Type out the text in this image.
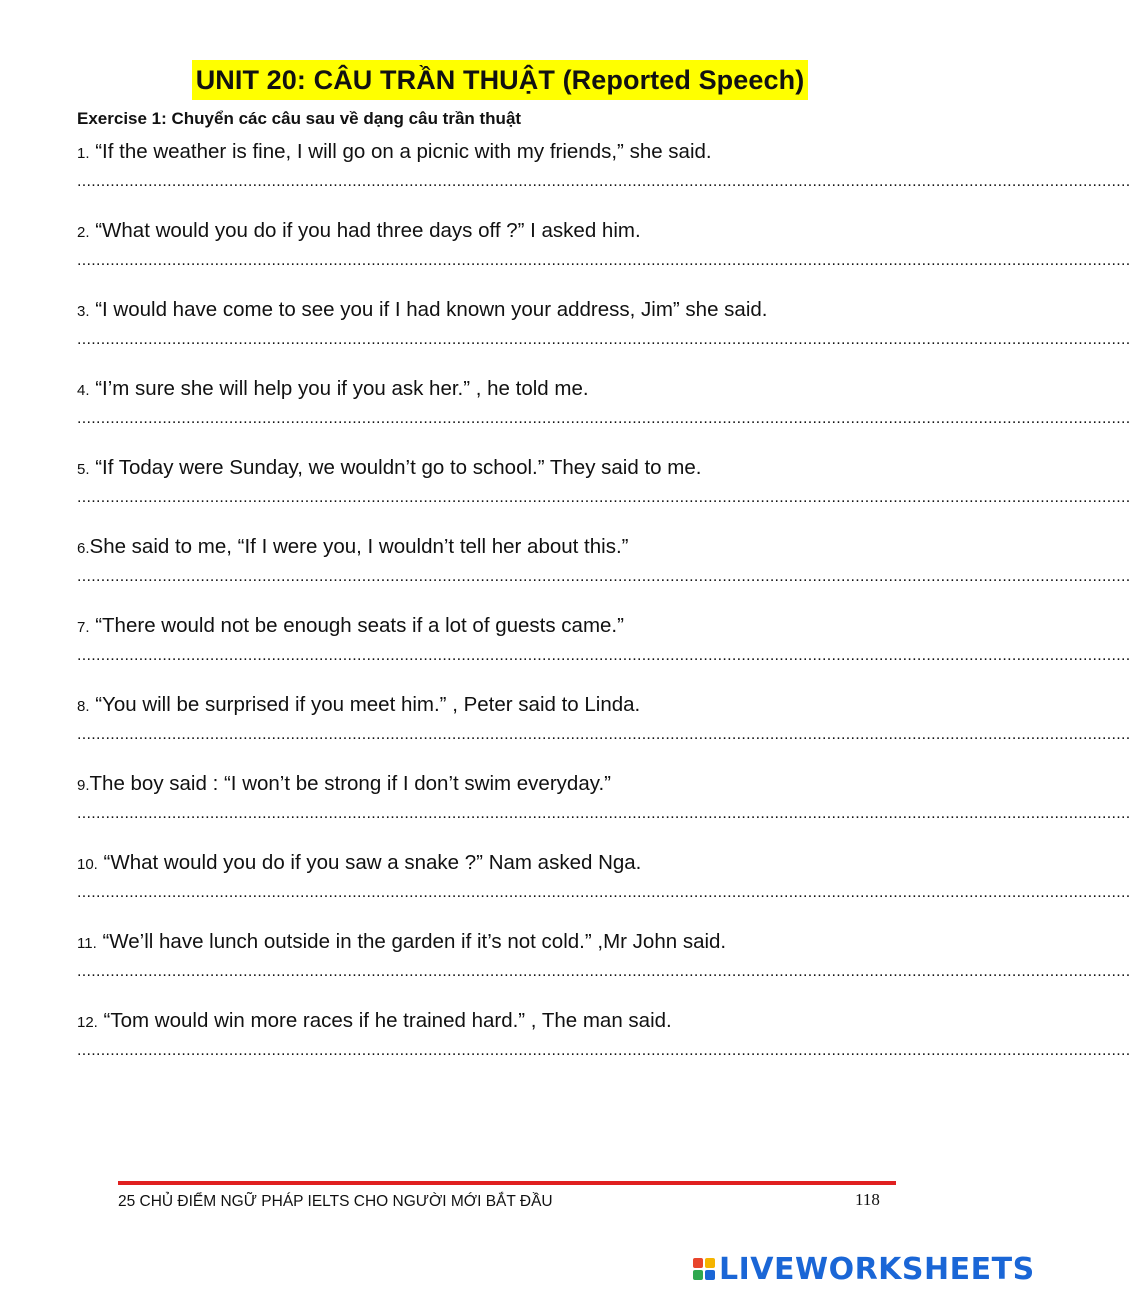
UNIT 20: CÂU TRẦN THUẬT (Reported Speech)
Exercise 1: Chuyển các câu sau về dạng câu trần thuật
1. “If the weather is fine, I will go on a picnic with my friends,” she said.
..............................................................................................................................................................................................................................
2. “What would you do if you had three days off ?” I asked him.
..............................................................................................................................................................................................................................
3. “I would have come to see you if I had known your address, Jim” she said.
..............................................................................................................................................................................................................................
4. “I’m sure she will help you if you ask her.” , he told me.
..............................................................................................................................................................................................................................
5. “If Today were Sunday, we wouldn’t go to school.” They said to me.
..............................................................................................................................................................................................................................
6.She said to me, “If I were you, I wouldn’t tell her about this.”
..............................................................................................................................................................................................................................
7. “There would not be enough seats if a lot of guests came.”
..............................................................................................................................................................................................................................
8. “You will be surprised if you meet him.” , Peter said to Linda.
..............................................................................................................................................................................................................................
9.The boy said : “I won’t be strong if I don’t swim everyday.”
..............................................................................................................................................................................................................................
10. “What would you do if you saw a snake ?” Nam asked Nga.
..............................................................................................................................................................................................................................
11. “We’ll have lunch outside in the garden if it’s not cold.” ,Mr John said.
..............................................................................................................................................................................................................................
12. “Tom would win more races if he trained hard.” , The man said.
..............................................................................................................................................................................................................................
25 CHỦ ĐIỂM NGỮ PHÁP IELTS CHO NGƯỜI MỚI BẮT ĐẦU	118
LIVEWORKSHEETS
